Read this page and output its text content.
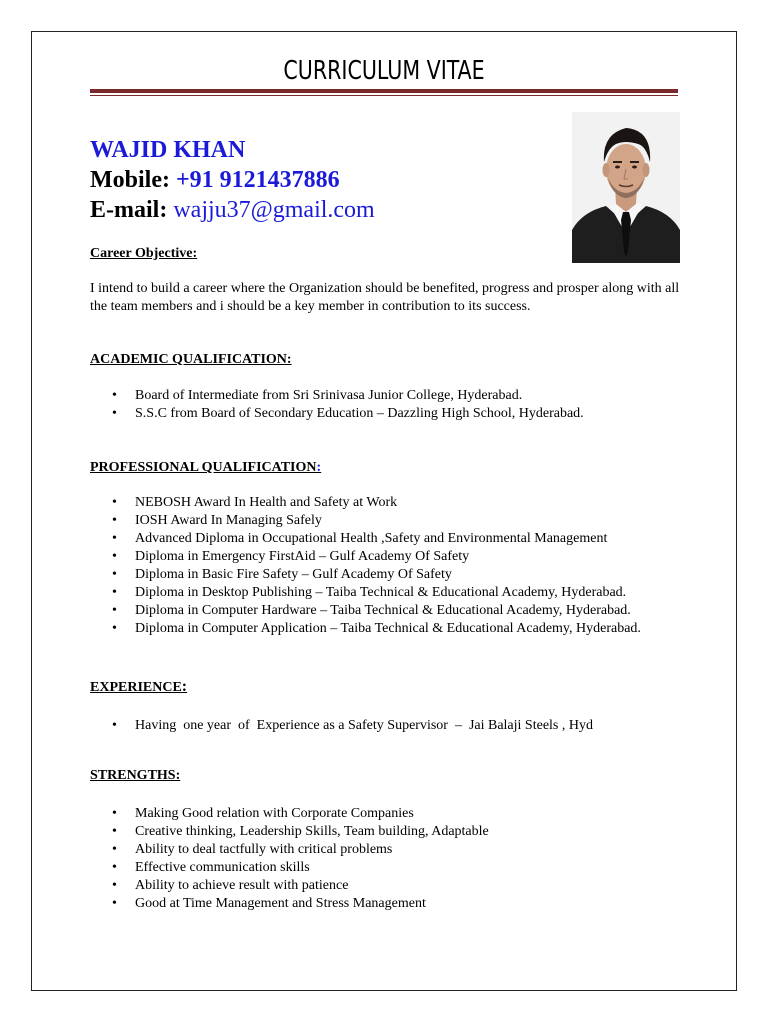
CURRICULUM VITAE
WAJID KHAN
Mobile: +91 9121437886
E-mail: wajju37@gmail.com
Career Objective:
I intend to build a career where the Organization should be benefited, progress and prosper along with all the team members and i should be a key member in contribution to its success.
ACADEMIC QUALIFICATION:
• Board of Intermediate from Sri Srinivasa Junior College, Hyderabad.
• S.S.C from Board of Secondary Education – Dazzling High School, Hyderabad.
PROFESSIONAL QUALIFICATION:
• NEBOSH Award In Health and Safety at Work
• IOSH Award In Managing Safely
• Advanced Diploma in Occupational Health ,Safety and Environmental Management
• Diploma in Emergency FirstAid – Gulf Academy Of Safety
• Diploma in Basic Fire Safety – Gulf Academy Of Safety
• Diploma in Desktop Publishing – Taiba Technical & Educational Academy, Hyderabad.
• Diploma in Computer Hardware – Taiba Technical & Educational Academy, Hyderabad.
• Diploma in Computer Application – Taiba Technical & Educational Academy, Hyderabad.
EXPERIENCE:
• Having  one year  of  Experience as a Safety Supervisor  –  Jai Balaji Steels , Hyd
STRENGTHS:
• Making Good relation with Corporate Companies
• Creative thinking, Leadership Skills, Team building, Adaptable
• Ability to deal tactfully with critical problems
• Effective communication skills
• Ability to achieve result with patience
• Good at Time Management and Stress Management
